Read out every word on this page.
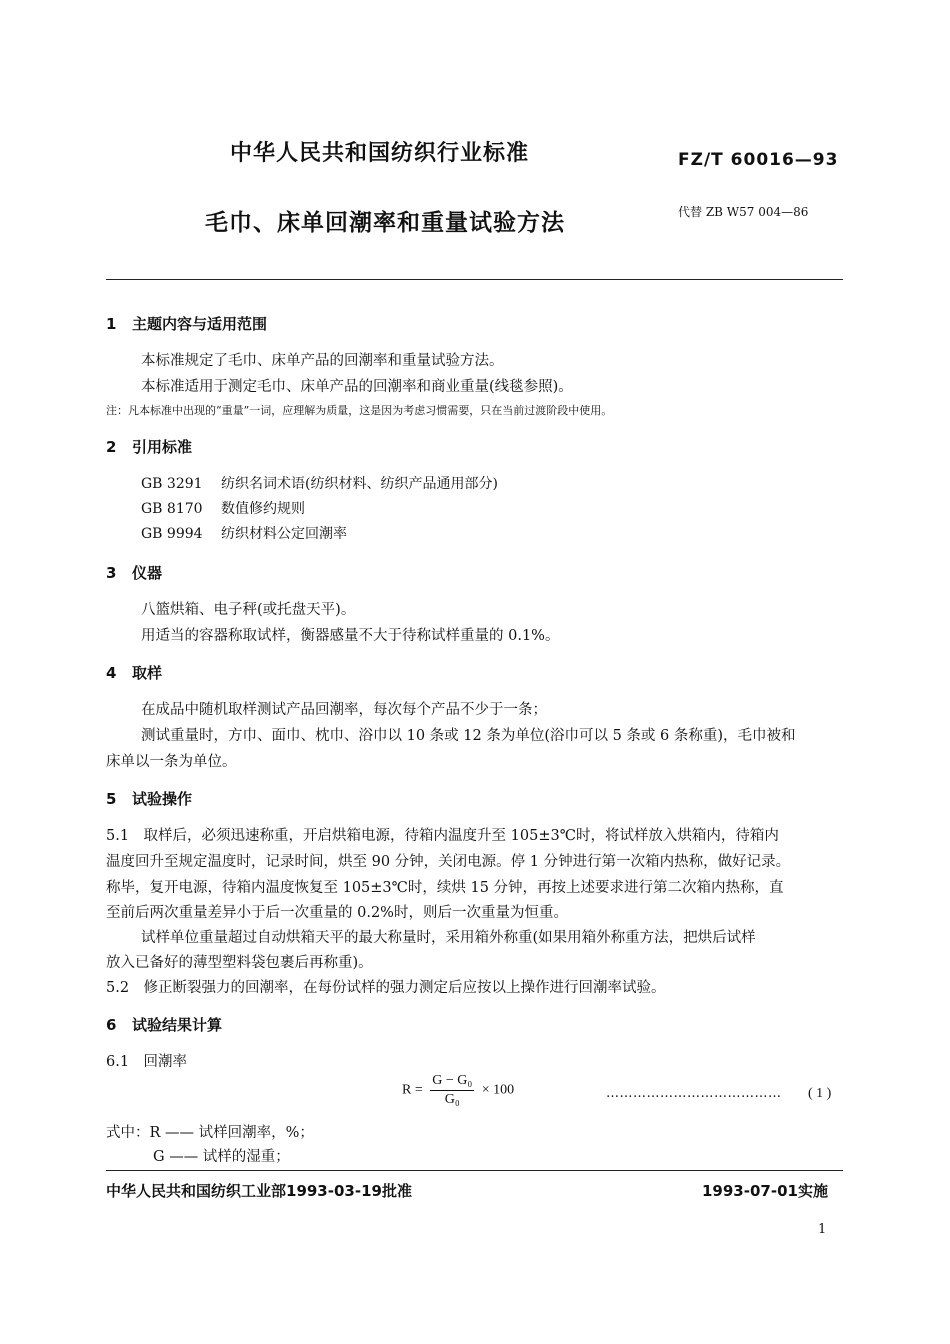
中华人民共和国纺织行业标准	FZ/T 60016—93
毛巾、床单回潮率和重量试验方法	代替 ZB W57 004—86
1 主题内容与适用范围
本标准规定了毛巾、床单产品的回潮率和重量试验方法。
本标准适用于测定毛巾、床单产品的回潮率和商业重量(线毯参照)。
注：凡本标准中出现的“重量”一词，应理解为质量，这是因为考虑习惯需要，只在当前过渡阶段中使用。
2 引用标准
GB 3291 纺织名词术语(纺织材料、纺织产品通用部分)
GB 8170 数值修约规则
GB 9994 纺织材料公定回潮率
3 仪器
八篮烘箱、电子秤(或托盘天平)。
用适当的容器称取试样，衡器感量不大于待称试样重量的 0.1%。
4 取样
在成品中随机取样测试产品回潮率，每次每个产品不少于一条；
测试重量时，方巾、面巾、枕巾、浴巾以 10 条或 12 条为单位(浴巾可以 5 条或 6 条称重)，毛巾被和
床单以一条为单位。
5 试验操作
5.1　取样后，必须迅速称重，开启烘箱电源，待箱内温度升至 105±3℃时，将试样放入烘箱内，待箱内
温度回升至规定温度时，记录时间，烘至 90 分钟，关闭电源。停 1 分钟进行第一次箱内热称，做好记录。
称毕，复开电源，待箱内温度恢复至 105±3℃时，续烘 15 分钟，再按上述要求进行第二次箱内热称，直
至前后两次重量差异小于后一次重量的 0.2%时，则后一次重量为恒重。
试样单位重量超过自动烘箱天平的最大称量时，采用箱外称重(如果用箱外称重方法，把烘后试样
放入已备好的薄型塑料袋包裹后再称重)。
5.2　修正断裂强力的回潮率，在每份试样的强力测定后应按以上操作进行回潮率试验。
6 试验结果计算
6.1　回潮率
$R = \frac{\text{G − G₀}}{\text{G₀}} \times 100$	………………………………… ( 1 )
式中：R —— 试样回潮率，%；
G —— 试样的湿重；
中华人民共和国纺织工业部1993-03-19批准	1993-07-01实施
1
